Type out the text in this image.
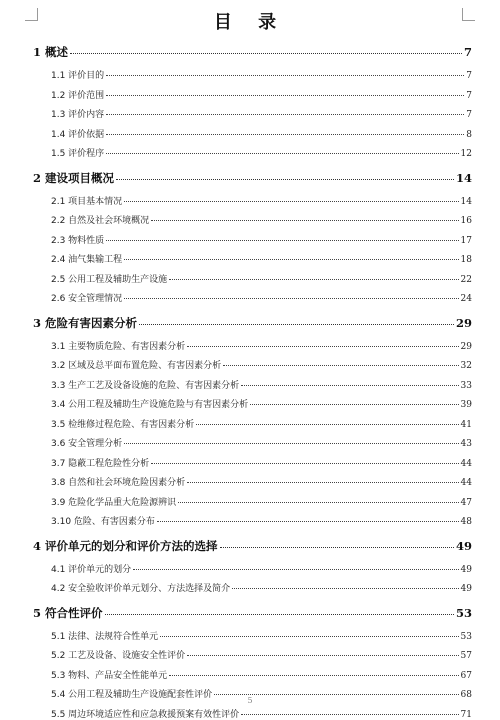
目 录
1 概述	7
1.1 评价目的	7
1.2 评价范围	7
1.3 评价内容	7
1.4 评价依据	8
1.5 评价程序	12
2 建设项目概况	14
2.1 项目基本情况	14
2.2 自然及社会环境概况	16
2.3 物料性质	17
2.4 油气集输工程	18
2.5 公用工程及辅助生产设施	22
2.6 安全管理情况	24
3 危险有害因素分析	29
3.1 主要物质危险、有害因素分析	29
3.2 区域及总平面布置危险、有害因素分析	32
3.3 生产工艺及设备设施的危险、有害因素分析	33
3.4 公用工程及辅助生产设施危险与有害因素分析	39
3.5 检维修过程危险、有害因素分析	41
3.6 安全管理分析	43
3.7 隐蔽工程危险性分析	44
3.8 自然和社会环境危险因素分析	44
3.9 危险化学品重大危险源辨识	47
3.10 危险、有害因素分布	48
4 评价单元的划分和评价方法的选择	49
4.1 评价单元的划分	49
4.2 安全验收评价单元划分、方法选择及简介	49
5 符合性评价	53
5.1 法律、法规符合性单元	53
5.2 工艺及设备、设施安全性评价	57
5.3 物料、产品安全性能单元	67
5.4 公用工程及辅助生产设施配套性评价	68
5.5 周边环境适应性和应急救援预案有效性评价	71
5
